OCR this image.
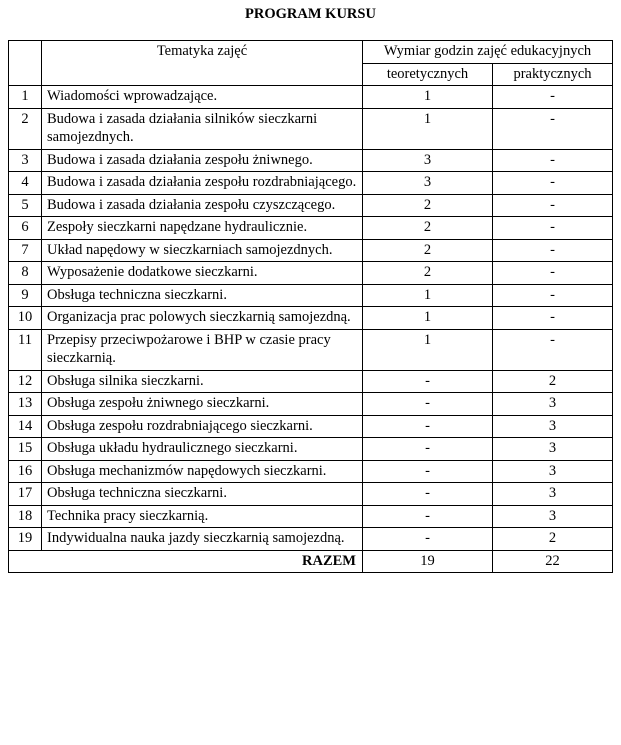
PROGRAM KURSU
	Tematyka zajęć	Wymiar godzin zajęć edukacyjnych	
		teoretycznych	praktycznych
1	Wiadomości wprowadzające.	1	-
2	Budowa i zasada działania silników sieczkarni samojezdnych.	1	-
3	Budowa i zasada działania zespołu żniwnego.	3	-
4	Budowa i zasada działania zespołu rozdrabniającego.	3	-
5	Budowa i zasada działania zespołu czyszczącego.	2	-
6	Zespoły sieczkarni napędzane hydraulicznie.	2	-
7	Układ napędowy w sieczkarniach samojezdnych.	2	-
8	Wyposażenie dodatkowe sieczkarni.	2	-
9	Obsługa techniczna sieczkarni.	1	-
10	Organizacja prac polowych sieczkarnią samojezdną.	1	-
11	Przepisy przeciwpożarowe i BHP w czasie pracy sieczkarnią.	1	-
12	Obsługa silnika sieczkarni.	-	2
13	Obsługa zespołu żniwnego sieczkarni.	-	3
14	Obsługa zespołu rozdrabniającego sieczkarni.	-	3
15	Obsługa układu hydraulicznego sieczkarni.	-	3
16	Obsługa mechanizmów napędowych sieczkarni.	-	3
17	Obsługa techniczna sieczkarni.	-	3
18	Technika pracy sieczkarnią.	-	3
19	Indywidualna nauka jazdy sieczkarnią samojezdną.	-	2
RAZEM		19	22
